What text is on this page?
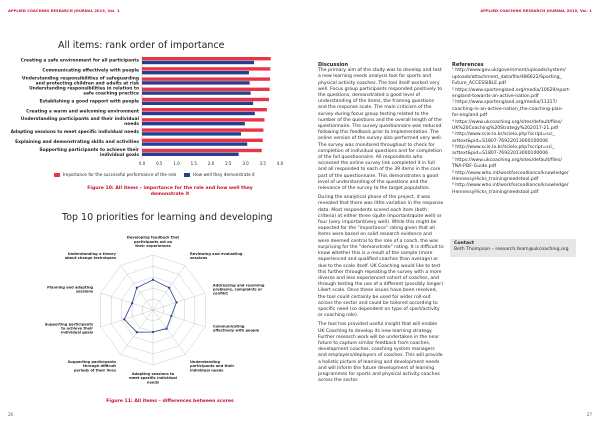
APPLIED COACHING RESEARCH JOURNAL 2015, Vol. 1	APPLIED COACHING RESEARCH JOURNAL 2015, Vol. 1
All items: rank order of importance
Creating a safe environment for all participants
Communicating effectively with people
Understanding responsibilities of safeguarding and protecting children and adults at risk
Understanding responsibilities in relation to safe coaching practice
Establishing a good rapport with people
Creating a warm and welcoming environment
Understanding participants and their individual needs
Adapting sessions to meet specific individual needs
Explaining and demonstrating skills and activities
Supporting participants to achieve their individual goals
0.0	0.5	1.0	1.5	2.0	2.5	3.0	3.5	4.0
Importance for the successful performance of the role	How well they demonstrate it
Figure 10: All items – importance for the role and how well they
demonstrate it
Top 10 priorities for learning and developing
Developing feedback that participants act on their experiences
Reviewing and evaluating sessions
Addressing and resolving problems, complaints or conflict
Communicating effectively with people
Understanding participants and their individual needs
Adapting sessions to meet specific individual needs
Supporting participants through difficult periods of their lives
Supporting participants to achieve their individual goals
Planning and adapting sessions
Understanding a theory about change techniques
Figure 11: All items – differences between scores
Discussion

The primary aim of the study was to develop and test a new learning needs analysis tool for sports and physical activity coaches. The tool itself worked very well. Focus group participants responded positively to the questions, demonstrated a good level of understanding of the items, the framing questions and the response scale. The main criticism of the survey during focus group testing related to the number of the questions and the overall length of the questionnaire. The survey questionnaire was reduced following this feedback prior to implementation. The online version of the survey also performed very well. The survey was monitored throughout to check for completion of individual questions and for completion of the full questionnaire. All respondents who accessed the online survey link completed it in full and all responded to each of the 39 items in the core part of the questionnaire. This demonstrates a good level of understanding of the questions and the relevance of the survey to the target population.

During the analytical phase of the project, it was revealed that there was little variation in the response data. Most respondents scored each item (both criteria) at either three (quite important/quite well) or four (very important/very well). While this might be expected for the "importance" rating given that all items were based on solid research evidence and were deemed central to the role of a coach, the was surprising for the "demonstrate" rating. It is difficult to know whether this is a result of the sample (more experienced and qualified coaches than average) or due to the scale itself. UK Coaching would like to test this further through repeating the survey with a more diverse and less experienced cohort of coaches, and through testing the use of a different (possibly longer) Likert scale. Once these issues have been resolved, the tool could certainly be used for wider roll-out across the sector and could be tailored according to specific need (so dependent on type of sport/activity or coaching role).

The tool has provided useful insight that will enable UK Coaching to develop its new learning strategy. Further research work will be undertaken in the near future to capture similar feedback from coaches, development coaches, coaching system managers and employers/deployers of coaches. This will provide a holistic picture of learning and development needs and will inform the future development of learning programmes for sports and physical activity coaches across the sector.

References
¹ http://www.gov.uk/government/uploads/system/
uploads/attachment_data/file/486622/Sporting_
Future_ACCESSIBLE.pdf
² https://www.sportengland.org/media/10629/sport-
england-towards-an-active-nation.pdf
³ https://www.sportengland.org/media/11317/
coaching-in-an-active-nation_the-coaching-plan-
for-england.pdf
⁴ https://www.ukcoaching.org/sites/default/files/
UK%20Coaching%20Strategy%202017-21.pdf
⁵ http://www.scie.lo.br/scielo.php?script=sci_
arttext&pid=S1807-76922013000100006
⁶ http://www.scie.lo.br/scielo.php?script=sci_
arttext&pid=S1807-76922013000100006
⁷ https://www.ukcoaching.org/sites/default/files/
TNA-PDF-Guide.pdf
⁸ http://www.who.int/workforcealliance/knowledge/
HennessyHicks_trainingneedstool.pdf
⁹ http://www.who.int/workforcealliance/knowledge/
HennessyHicks_trainingneedstool.pdf
Contact
Beth Thompson – research.team@ukcoaching.org
26	27
